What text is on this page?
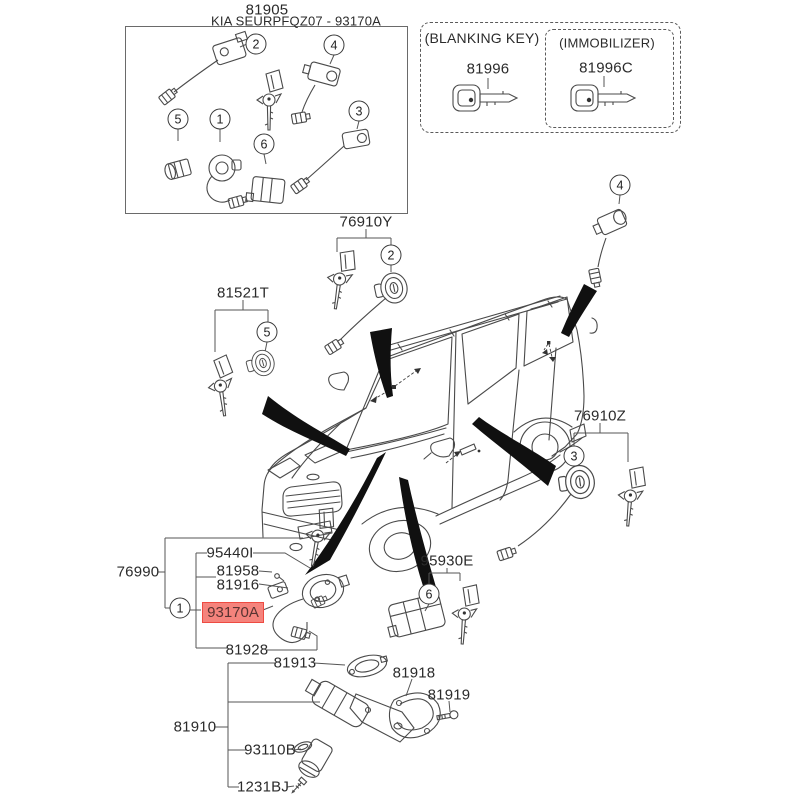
81905
KIA SEURPFQZ07 - 93170A
(BLANKING KEY)
81996
(IMMOBILIZER)
81996C
76910Y
81521T
76910Z
95930E
76990
95440I
81958
81916
93170A
81928
81913
81918
81919
81910
93110B
1231BJ
1
2
3
4
5
6
1
2
3
4
5
6
